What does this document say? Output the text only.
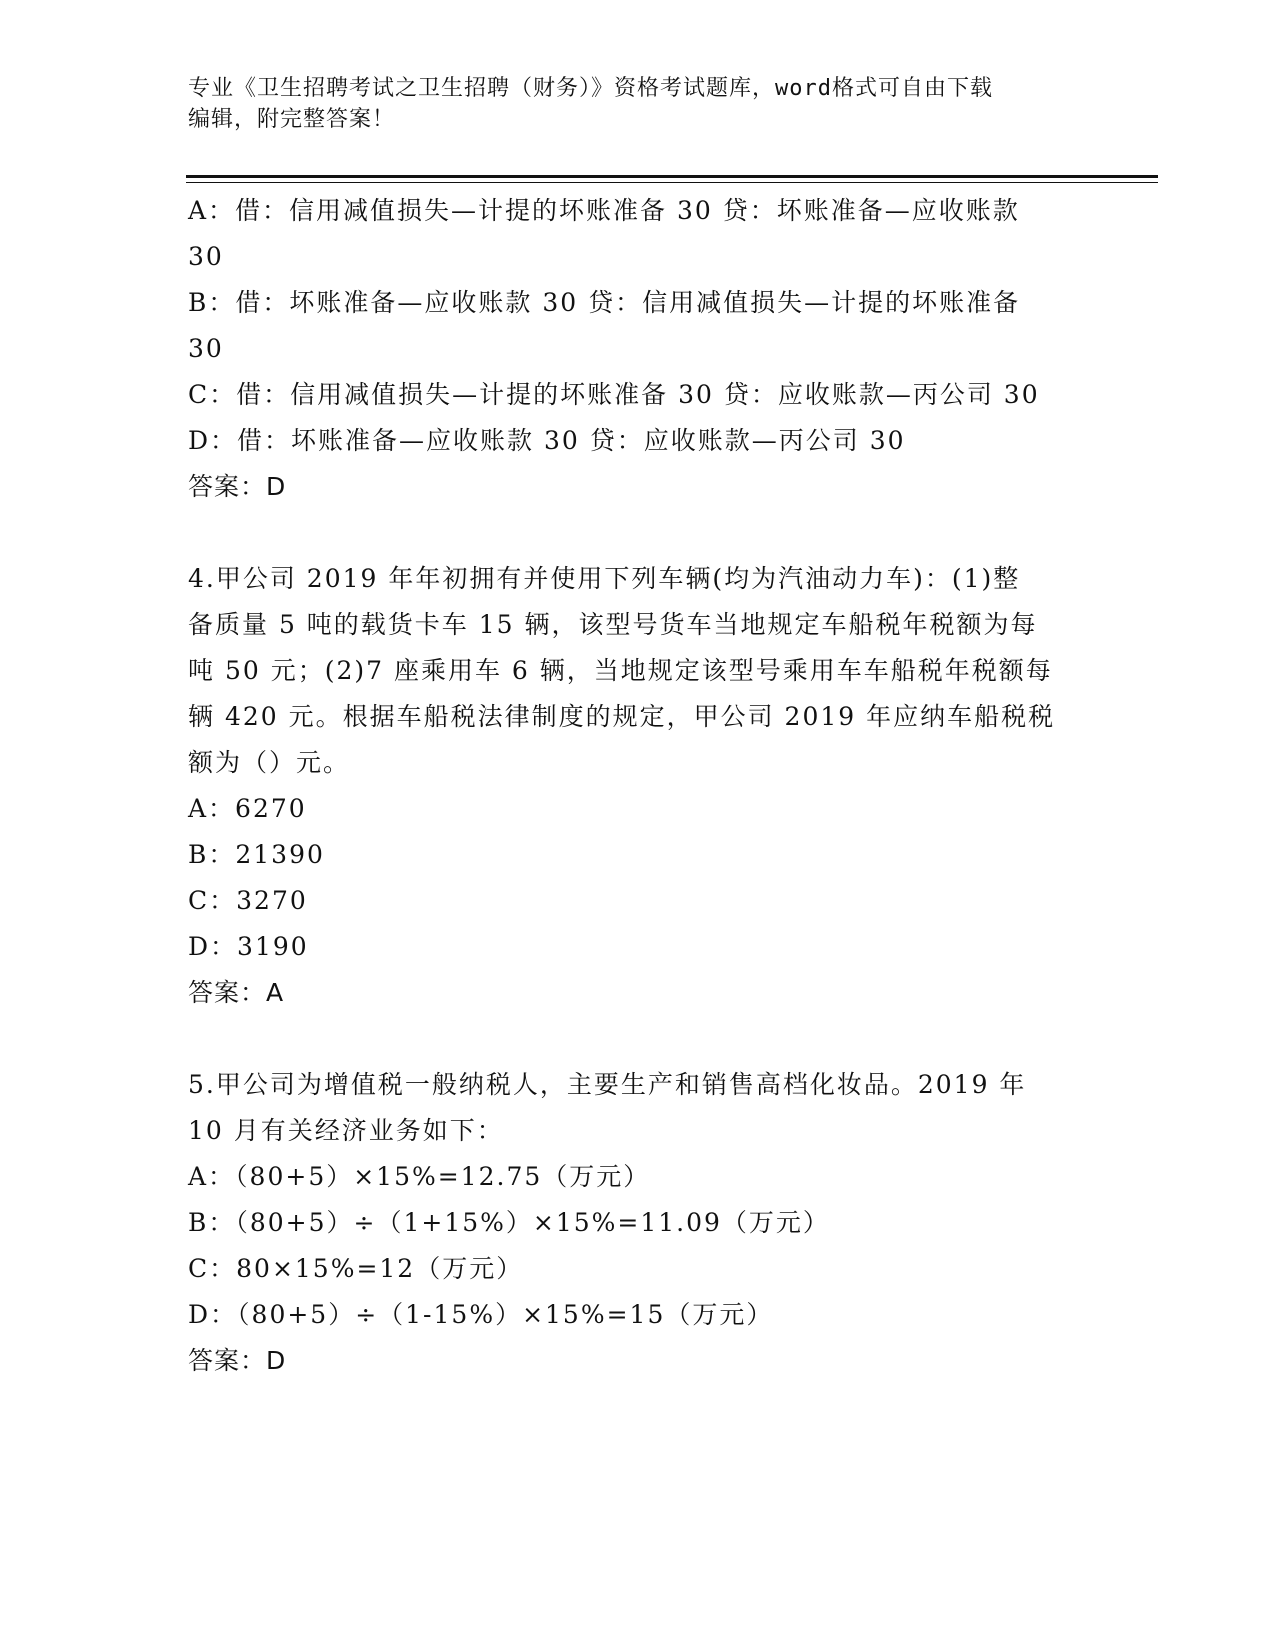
专业《卫生招聘考试之卫生招聘（财务）》资格考试题库，word格式可自由下载
编辑，附完整答案！
A：借：信用减值损失—计提的坏账准备 30 贷：坏账准备—应收账款
30
B：借：坏账准备—应收账款 30 贷：信用减值损失—计提的坏账准备
30
C：借：信用减值损失—计提的坏账准备 30 贷：应收账款—丙公司 30
D：借：坏账准备—应收账款 30 贷：应收账款—丙公司 30
答案：D
4.甲公司 2019 年年初拥有并使用下列车辆(均为汽油动力车)：(1)整
备质量 5 吨的载货卡车 15 辆，该型号货车当地规定车船税年税额为每
吨 50 元；(2)7 座乘用车 6 辆，当地规定该型号乘用车车船税年税额每
辆 420 元。根据车船税法律制度的规定，甲公司 2019 年应纳车船税税
额为（）元。
A：6270
B：21390
C：3270
D：3190
答案：A
5.甲公司为增值税一般纳税人，主要生产和销售高档化妆品。2019 年
10 月有关经济业务如下：
A：（80+5）×15%=12.75（万元）
B：（80+5）÷（1+15%）×15%=11.09（万元）
C：80×15%=12（万元）
D：（80+5）÷（1-15%）×15%=15（万元）
答案：D
